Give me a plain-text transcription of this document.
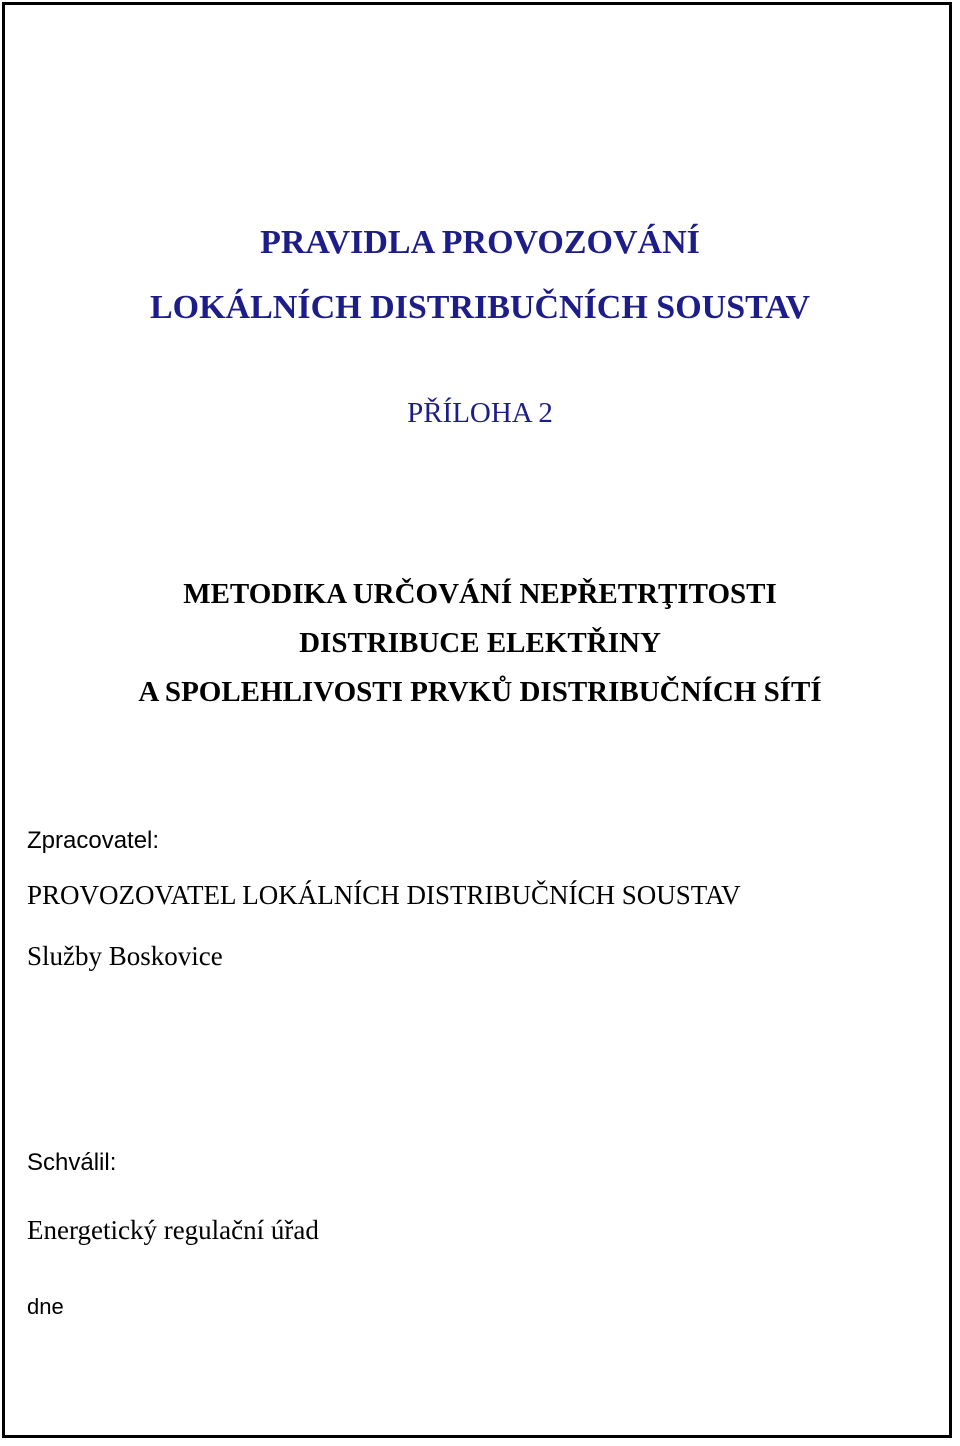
PRAVIDLA PROVOZOVÁNÍ
LOKÁLNÍCH DISTRIBUČNÍCH SOUSTAV
PŘÍLOHA 2
METODIKA URČOVÁNÍ NEPŘETRŢITOSTI
DISTRIBUCE ELEKTŘINY
A SPOLEHLIVOSTI PRVKŮ DISTRIBUČNÍCH SÍTÍ
Zpracovatel:
PROVOZOVATEL LOKÁLNÍCH DISTRIBUČNÍCH SOUSTAV
Služby Boskovice
Schválil:
Energetický regulační úřad
dne
